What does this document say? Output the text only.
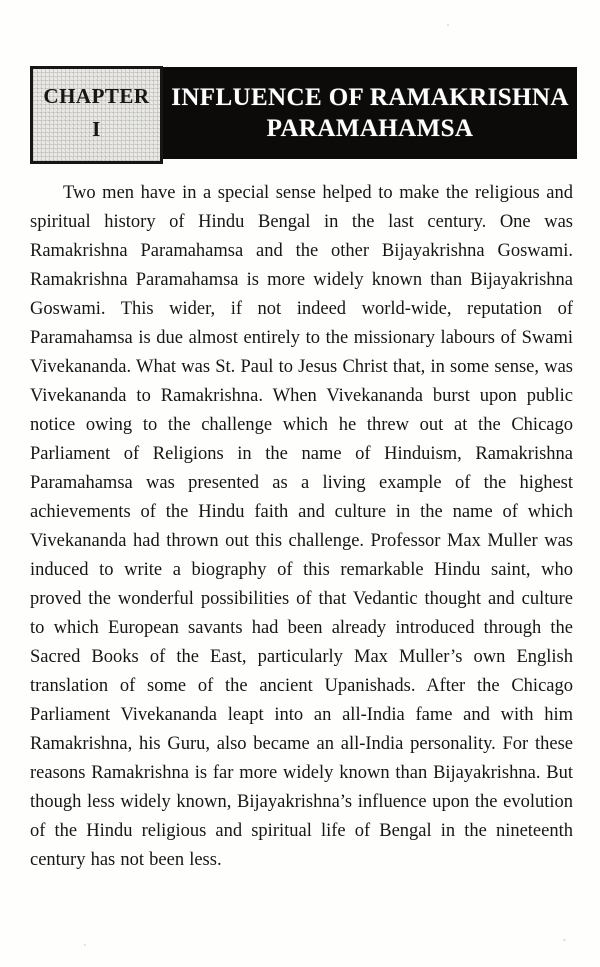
CHAPTER
I
INFLUENCE OF RAMAKRISHNA
PARAMAHAMSA

Two men have in a special sense helped to make the religious and spiritual history of Hindu Bengal in the last century. One was Ramakrishna Paramahamsa and the other Bijayakrishna Goswami. Ramakrishna Paramahamsa is more widely known than Bijayakrishna Goswami. This wider, if not indeed world-wide, reputation of Paramahamsa is due almost entirely to the missionary labours of Swami Vivekananda. What was St. Paul to Jesus Christ that, in some sense, was Vivekananda to Ramakrishna. When Vivekananda burst upon public notice owing to the challenge which he threw out at the Chicago Parliament of Religions in the name of Hinduism, Ramakrishna Paramahamsa was presented as a living example of the highest achievements of the Hindu faith and culture in the name of which Vivekananda had thrown out this challenge. Professor Max Muller was induced to write a biography of this remarkable Hindu saint, who proved the wonderful possibilities of that Vedantic thought and culture to which European savants had been already introduced through the Sacred Books of the East, particularly Max Muller’s own English translation of some of the ancient Upanishads. After the Chicago Parliament Vivekananda leapt into an all-India fame and with him Ramakrishna, his Guru, also became an all-India personality. For these reasons Ramakrishna is far more widely known than Bijayakrishna. But though less widely known, Bijayakrishna’s influence upon the evolution of the Hindu religious and spiritual life of Bengal in the nineteenth century has not been less.
